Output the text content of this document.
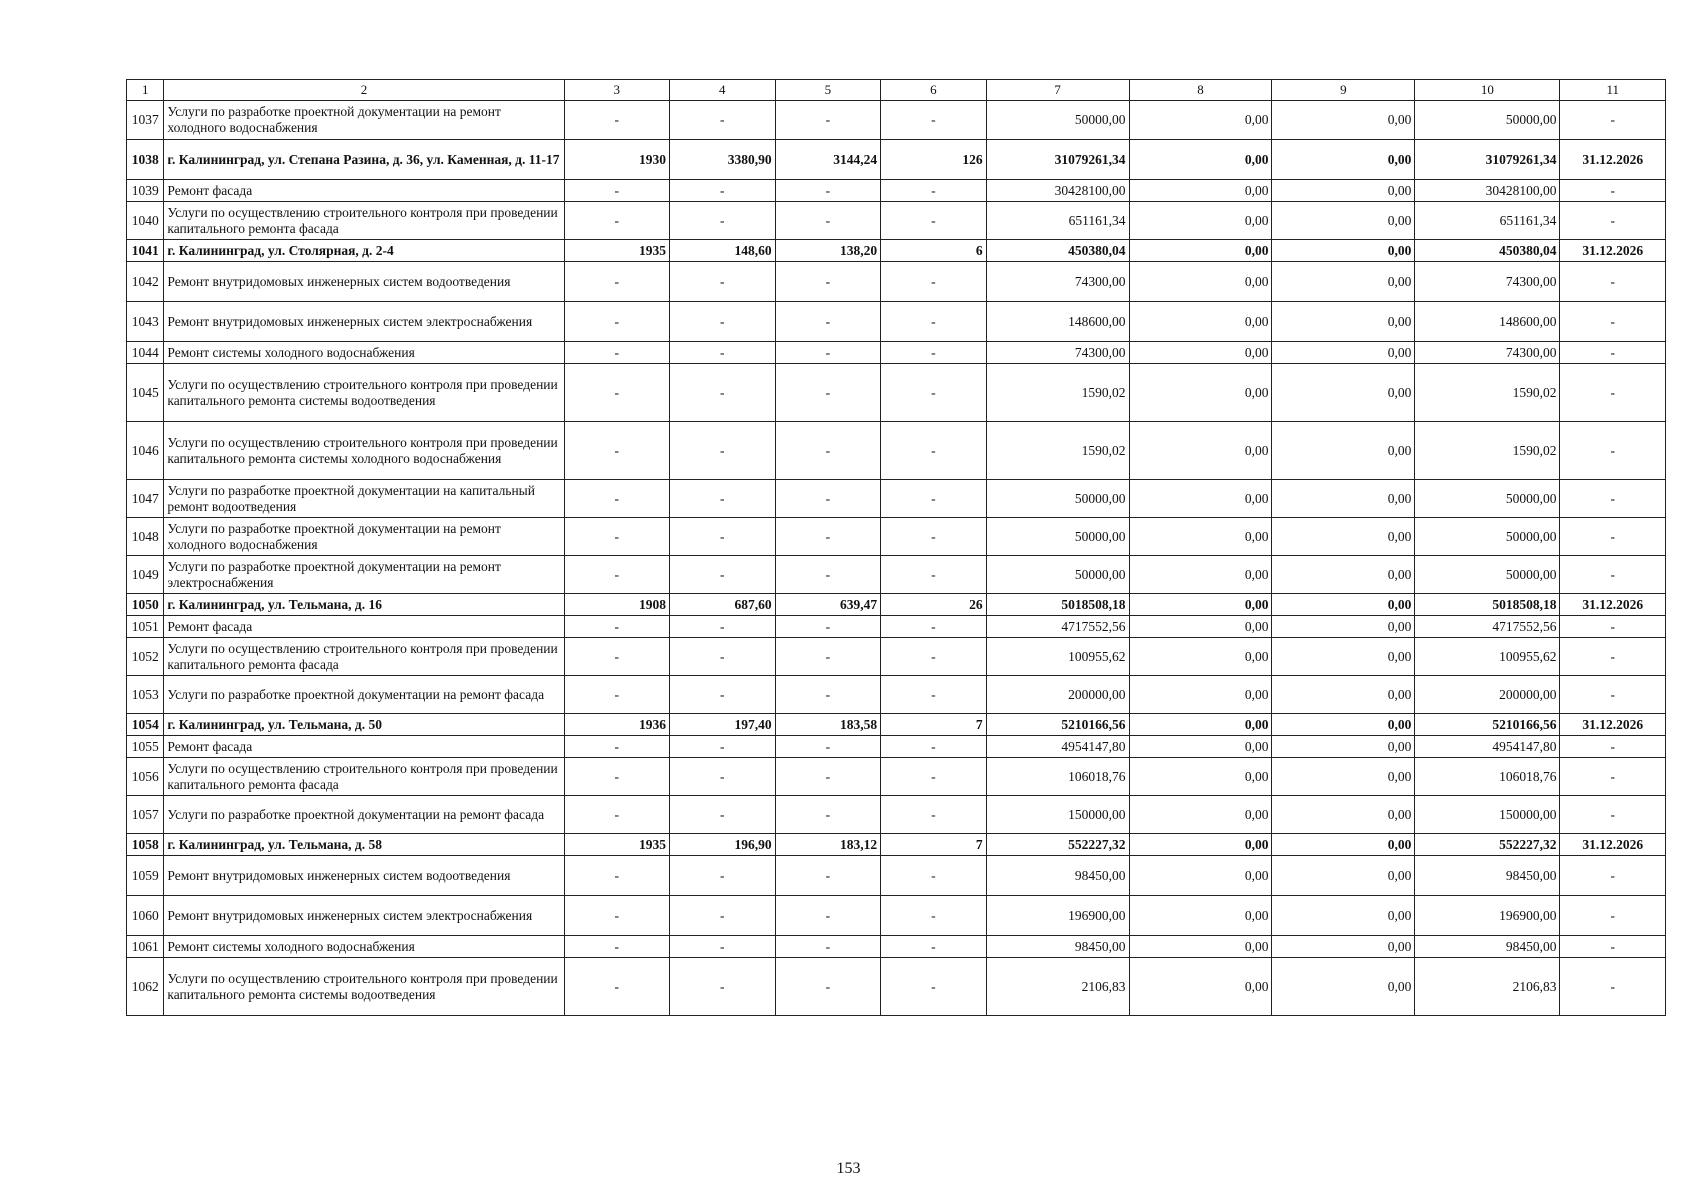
1	2	3	4	5	6	7	8	9	10	11
1037	Услуги по разработке проектной документации на ремонт холодного водоснабжения	-	-	-	-	50000,00	0,00	0,00	50000,00	-
1038	г. Калининград, ул. Степана Разина, д. 36, ул. Каменная, д. 11-17	1930	3380,90	3144,24	126	31079261,34	0,00	0,00	31079261,34	31.12.2026
1039	Ремонт фасада	-	-	-	-	30428100,00	0,00	0,00	30428100,00	-
1040	Услуги по осуществлению строительного контроля при проведении капитального ремонта фасада	-	-	-	-	651161,34	0,00	0,00	651161,34	-
1041	г. Калининград, ул. Столярная, д. 2-4	1935	148,60	138,20	6	450380,04	0,00	0,00	450380,04	31.12.2026
1042	Ремонт внутридомовых инженерных систем водоотведения	-	-	-	-	74300,00	0,00	0,00	74300,00	-
1043	Ремонт внутридомовых инженерных систем электроснабжения	-	-	-	-	148600,00	0,00	0,00	148600,00	-
1044	Ремонт системы холодного водоснабжения	-	-	-	-	74300,00	0,00	0,00	74300,00	-
1045	Услуги по осуществлению строительного контроля при проведении капитального ремонта системы водоотведения	-	-	-	-	1590,02	0,00	0,00	1590,02	-
1046	Услуги по осуществлению строительного контроля при проведении капитального ремонта системы холодного водоснабжения	-	-	-	-	1590,02	0,00	0,00	1590,02	-
1047	Услуги по разработке проектной документации на капитальный ремонт водоотведения	-	-	-	-	50000,00	0,00	0,00	50000,00	-
1048	Услуги по разработке проектной документации на ремонт холодного водоснабжения	-	-	-	-	50000,00	0,00	0,00	50000,00	-
1049	Услуги по разработке проектной документации на ремонт электроснабжения	-	-	-	-	50000,00	0,00	0,00	50000,00	-
1050	г. Калининград, ул. Тельмана, д. 16	1908	687,60	639,47	26	5018508,18	0,00	0,00	5018508,18	31.12.2026
1051	Ремонт фасада	-	-	-	-	4717552,56	0,00	0,00	4717552,56	-
1052	Услуги по осуществлению строительного контроля при проведении капитального ремонта фасада	-	-	-	-	100955,62	0,00	0,00	100955,62	-
1053	Услуги по разработке проектной документации на ремонт фасада	-	-	-	-	200000,00	0,00	0,00	200000,00	-
1054	г. Калининград, ул. Тельмана, д. 50	1936	197,40	183,58	7	5210166,56	0,00	0,00	5210166,56	31.12.2026
1055	Ремонт фасада	-	-	-	-	4954147,80	0,00	0,00	4954147,80	-
1056	Услуги по осуществлению строительного контроля при проведении капитального ремонта фасада	-	-	-	-	106018,76	0,00	0,00	106018,76	-
1057	Услуги по разработке проектной документации на ремонт фасада	-	-	-	-	150000,00	0,00	0,00	150000,00	-
1058	г. Калининград, ул. Тельмана, д. 58	1935	196,90	183,12	7	552227,32	0,00	0,00	552227,32	31.12.2026
1059	Ремонт внутридомовых инженерных систем водоотведения	-	-	-	-	98450,00	0,00	0,00	98450,00	-
1060	Ремонт внутридомовых инженерных систем электроснабжения	-	-	-	-	196900,00	0,00	0,00	196900,00	-
1061	Ремонт системы холодного водоснабжения	-	-	-	-	98450,00	0,00	0,00	98450,00	-
1062	Услуги по осуществлению строительного контроля при проведении капитального ремонта системы водоотведения	-	-	-	-	2106,83	0,00	0,00	2106,83	-
153
